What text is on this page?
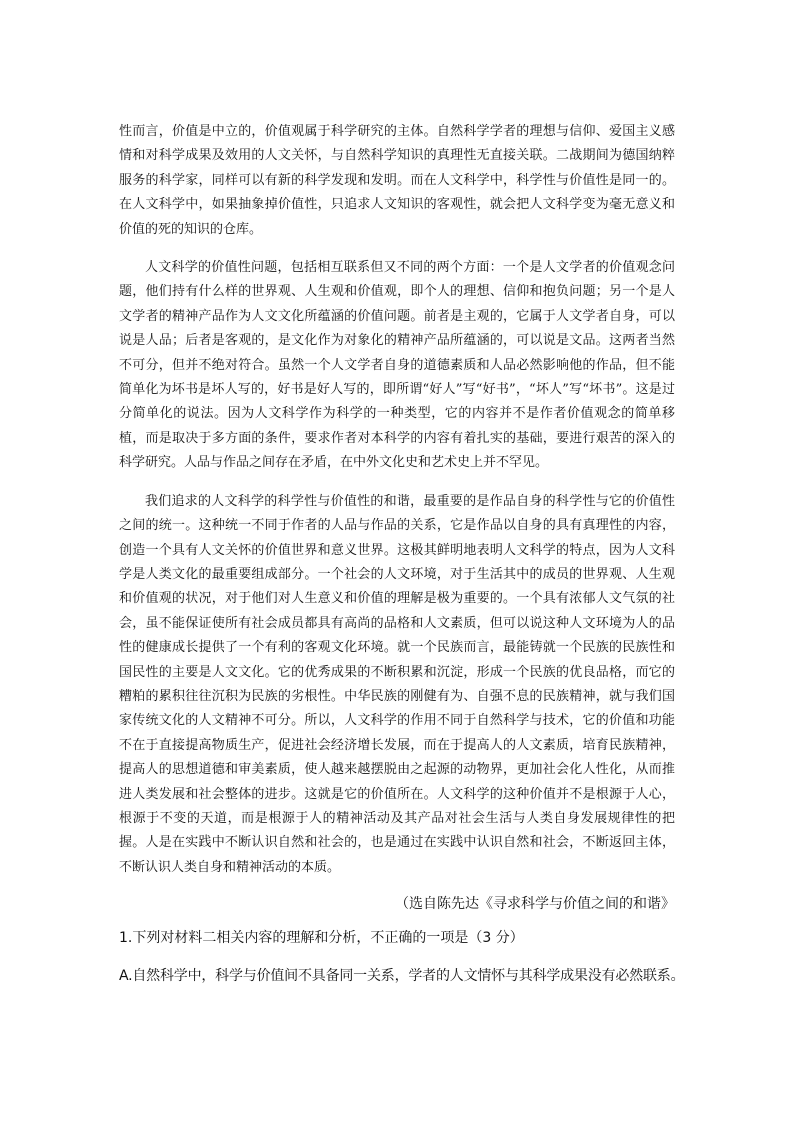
性而言，价值是中立的，价值观属于科学研究的主体。自然科学学者的理想与信仰、爱国主义感情和对科学成果及效用的人文关怀，与自然科学知识的真理性无直接关联。二战期间为德国纳粹服务的科学家，同样可以有新的科学发现和发明。而在人文科学中，科学性与价值性是同一的。在人文科学中，如果抽象掉价值性，只追求人文知识的客观性，就会把人文科学变为毫无意义和价值的死的知识的仓库。

人文科学的价值性问题，包括相互联系但又不同的两个方面：一个是人文学者的价值观念问题，他们持有什么样的世界观、人生观和价值观，即个人的理想、信仰和抱负问题；另一个是人文学者的精神产品作为人文文化所蕴涵的价值问题。前者是主观的，它属于人文学者自身，可以说是人品；后者是客观的，是文化作为对象化的精神产品所蕴涵的，可以说是文品。这两者当然不可分，但并不绝对符合。虽然一个人文学者自身的道德素质和人品必然影响他的作品，但不能简单化为坏书是坏人写的，好书是好人写的，即所谓“好人”写“好书”，“坏人”写“坏书”。这是过分简单化的说法。因为人文科学作为科学的一种类型，它的内容并不是作者价值观念的简单移植，而是取决于多方面的条件，要求作者对本科学的内容有着扎实的基础，要进行艰苦的深入的科学研究。人品与作品之间存在矛盾，在中外文化史和艺术史上并不罕见。

我们追求的人文科学的科学性与价值性的和谐，最重要的是作品自身的科学性与它的价值性之间的统一。这种统一不同于作者的人品与作品的关系，它是作品以自身的具有真理性的内容，创造一个具有人文关怀的价值世界和意义世界。这极其鲜明地表明人文科学的特点，因为人文科学是人类文化的最重要组成部分。一个社会的人文环境，对于生活其中的成员的世界观、人生观和价值观的状况，对于他们对人生意义和价值的理解是极为重要的。一个具有浓郁人文气氛的社会，虽不能保证使所有社会成员都具有高尚的品格和人文素质，但可以说这种人文环境为人的品性的健康成长提供了一个有利的客观文化环境。就一个民族而言，最能铸就一个民族的民族性和国民性的主要是人文文化。它的优秀成果的不断积累和沉淀，形成一个民族的优良品格，而它的糟粕的累积往往沉积为民族的劣根性。中华民族的刚健有为、自强不息的民族精神，就与我们国家传统文化的人文精神不可分。所以，人文科学的作用不同于自然科学与技术，它的价值和功能不在于直接提高物质生产，促进社会经济增长发展，而在于提高人的人文素质，培育民族精神，提高人的思想道德和审美素质，使人越来越摆脱由之起源的动物界，更加社会化人性化，从而推进人类发展和社会整体的进步。这就是它的价值所在。人文科学的这种价值并不是根源于人心，根源于不变的天道，而是根源于人的精神活动及其产品对社会生活与人类自身发展规律性的把握。人是在实践中不断认识自然和社会的，也是通过在实践中认识自然和社会，不断返回主体，不断认识人类自身和精神活动的本质。

（选自陈先达《寻求科学与价值之间的和谐》
1.下列对材料二相关内容的理解和分析，不正确的一项是（3 分）
A.自然科学中，科学与价值间不具备同一关系，学者的人文情怀与其科学成果没有必然联系。
